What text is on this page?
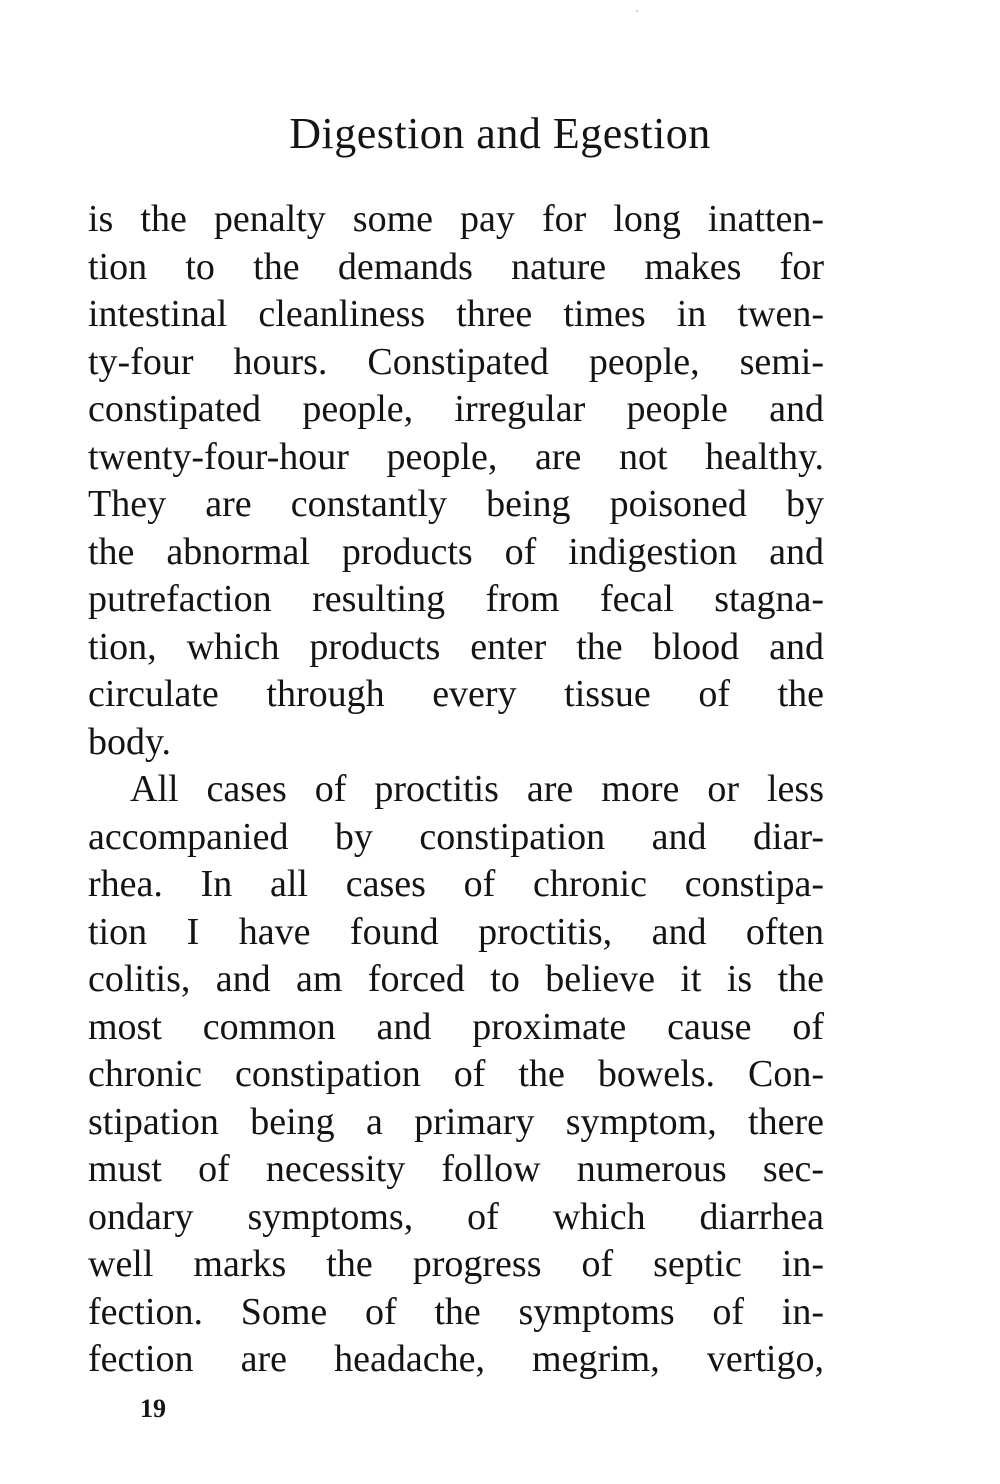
Digestion and Egestion
is the penalty some pay for long inatten-
tion to the demands nature makes for
intestinal cleanliness three times in twen-
ty-four hours. Constipated people, semi-
constipated people, irregular people and
twenty-four-hour people, are not healthy.
They are constantly being poisoned by
the abnormal products of indigestion and
putrefaction resulting from fecal stagna-
tion, which products enter the blood and
circulate through every tissue of the
body.
All cases of proctitis are more or less
accompanied by constipation and diar-
rhea. In all cases of chronic constipa-
tion I have found proctitis, and often
colitis, and am forced to believe it is the
most common and proximate cause of
chronic constipation of the bowels. Con-
stipation being a primary symptom, there
must of necessity follow numerous sec-
ondary symptoms, of which diarrhea
well marks the progress of septic in-
fection. Some of the symptoms of in-
fection are headache, megrim, vertigo,
19
